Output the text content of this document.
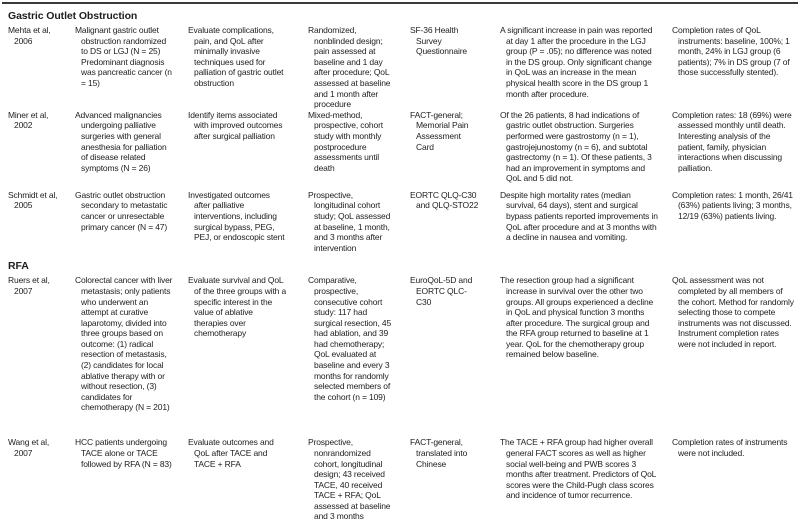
Gastric Outlet Obstruction
Mehta et al, 2006
Malignant gastric outlet obstruction randomized to DS or LGJ (N = 25) Predominant diagnosis was pancreatic cancer (n = 15)
Evaluate complications, pain, and QoL after minimally invasive techniques used for palliation of gastric outlet obstruction
Randomized, nonblinded design; pain assessed at baseline and 1 day after procedure; QoL assessed at baseline and 1 month after procedure
SF-36 Health Survey Questionnaire
A significant increase in pain was reported at day 1 after the procedure in the LGJ group (P = .05); no difference was noted in the DS group. Only significant change in QoL was an increase in the mean physical health score in the DS group 1 month after procedure.
Completion rates of QoL instruments: baseline, 100%; 1 month, 24% in LGJ group (6 patients); 7% in DS group (7 of those successfully stented).
Miner et al, 2002
Advanced malignancies undergoing palliative surgeries with general anesthesia for palliation of disease related symptoms (N = 26)
Identify items associated with improved outcomes after surgical palliation
Mixed-method, prospective, cohort study with monthly postprocedure assessments until death
FACT-general; Memorial Pain Assessment Card
Of the 26 patients, 8 had indications of gastric outlet obstruction. Surgeries performed were gastrostomy (n = 1), gastrojejunostomy (n = 6), and subtotal gastrectomy (n = 1). Of these patients, 3 had an improvement in symptoms and QoL and 5 did not.
Completion rates: 18 (69%) were assessed monthly until death. Interesting analysis of the patient, family, physician interactions when discussing palliation.
Schmidt et al, 2005
Gastric outlet obstruction secondary to metastatic cancer or unresectable primary cancer (N = 47)
Investigated outcomes after palliative interventions, including surgical bypass, PEG, PEJ, or endoscopic stent
Prospective, longitudinal cohort study; QoL assessed at baseline, 1 month, and 3 months after intervention
EORTC QLQ-C30 and QLQ-STO22
Despite high mortality rates (median survival, 64 days), stent and surgical bypass patients reported improvements in QoL after procedure and at 3 months with a decline in nausea and vomiting.
Completion rates: 1 month, 26/41 (63%) patients living; 3 months, 12/19 (63%) patients living.
RFA
Ruers et al, 2007
Colorectal cancer with liver metastasis; only patients who underwent an attempt at curative laparotomy, divided into three groups based on outcome: (1) radical resection of metastasis, (2) candidates for local ablative therapy with or without resection, (3) candidates for chemotherapy (N = 201)
Evaluate survival and QoL of the three groups with a specific interest in the value of ablative therapies over chemotherapy
Comparative, prospective, consecutive cohort study: 117 had surgical resection, 45 had ablation, and 39 had chemotherapy; QoL evaluated at baseline and every 3 months for randomly selected members of the cohort (n = 109)
EuroQoL-5D and EORTC QLC-C30
The resection group had a significant increase in survival over the other two groups. All groups experienced a decline in QoL and physical function 3 months after procedure. The surgical group and the RFA group returned to baseline at 1 year. QoL for the chemotherapy group remained below baseline.
QoL assessment was not completed by all members of the cohort. Method for randomly selecting those to compete instruments was not discussed. Instrument completion rates were not included in report.
Wang et al, 2007
HCC patients undergoing TACE alone or TACE followed by RFA (N = 83)
Evaluate outcomes and QoL after TACE and TACE + RFA
Prospective, nonrandomized cohort, longitudinal design; 43 received TACE, 40 received TACE + RFA; QoL assessed at baseline and 3 months
FACT-general, translated into Chinese
The TACE + RFA group had higher overall general FACT scores as well as higher social well-being and PWB scores 3 months after treatment. Predictors of QoL scores were the Child-Pugh class scores and incidence of tumor recurrence.
Completion rates of instruments were not included.
